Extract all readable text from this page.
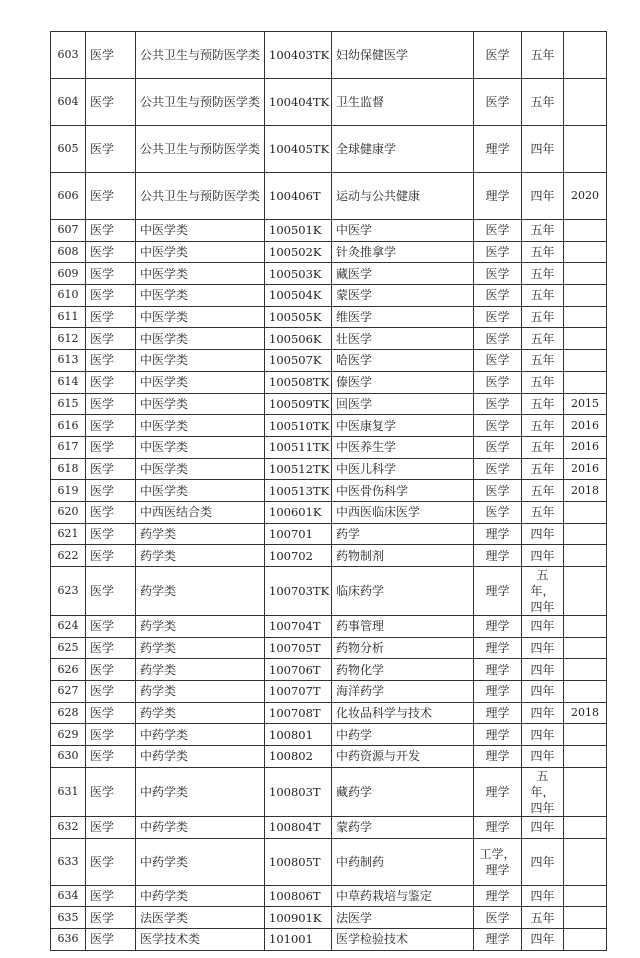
603	医学	公共卫生与预防医学类	100403TK	妇幼保健医学	医学	五年	
604	医学	公共卫生与预防医学类	100404TK	卫生监督	医学	五年	
605	医学	公共卫生与预防医学类	100405TK	全球健康学	理学	四年	
606	医学	公共卫生与预防医学类	100406T	运动与公共健康	理学	四年	2020
607	医学	中医学类	100501K	中医学	医学	五年	
608	医学	中医学类	100502K	针灸推拿学	医学	五年	
609	医学	中医学类	100503K	藏医学	医学	五年	
610	医学	中医学类	100504K	蒙医学	医学	五年	
611	医学	中医学类	100505K	维医学	医学	五年	
612	医学	中医学类	100506K	壮医学	医学	五年	
613	医学	中医学类	100507K	哈医学	医学	五年	
614	医学	中医学类	100508TK	傣医学	医学	五年	
615	医学	中医学类	100509TK	回医学	医学	五年	2015
616	医学	中医学类	100510TK	中医康复学	医学	五年	2016
617	医学	中医学类	100511TK	中医养生学	医学	五年	2016
618	医学	中医学类	100512TK	中医儿科学	医学	五年	2016
619	医学	中医学类	100513TK	中医骨伤科学	医学	五年	2018
620	医学	中西医结合类	100601K	中西医临床医学	医学	五年	
621	医学	药学类	100701	药学	理学	四年	
622	医学	药学类	100702	药物制剂	理学	四年	
623	医学	药学类	100703TK	临床药学	理学	五年，四年	
624	医学	药学类	100704T	药事管理	理学	四年	
625	医学	药学类	100705T	药物分析	理学	四年	
626	医学	药学类	100706T	药物化学	理学	四年	
627	医学	药学类	100707T	海洋药学	理学	四年	
628	医学	药学类	100708T	化妆品科学与技术	理学	四年	2018
629	医学	中药学类	100801	中药学	理学	四年	
630	医学	中药学类	100802	中药资源与开发	理学	四年	
631	医学	中药学类	100803T	藏药学	理学	五年，四年	
632	医学	中药学类	100804T	蒙药学	理学	四年	
633	医学	中药学类	100805T	中药制药	工学，理学	四年	
634	医学	中药学类	100806T	中草药栽培与鉴定	理学	四年	
635	医学	法医学类	100901K	法医学	医学	五年	
636	医学	医学技术类	101001	医学检验技术	理学	四年	
